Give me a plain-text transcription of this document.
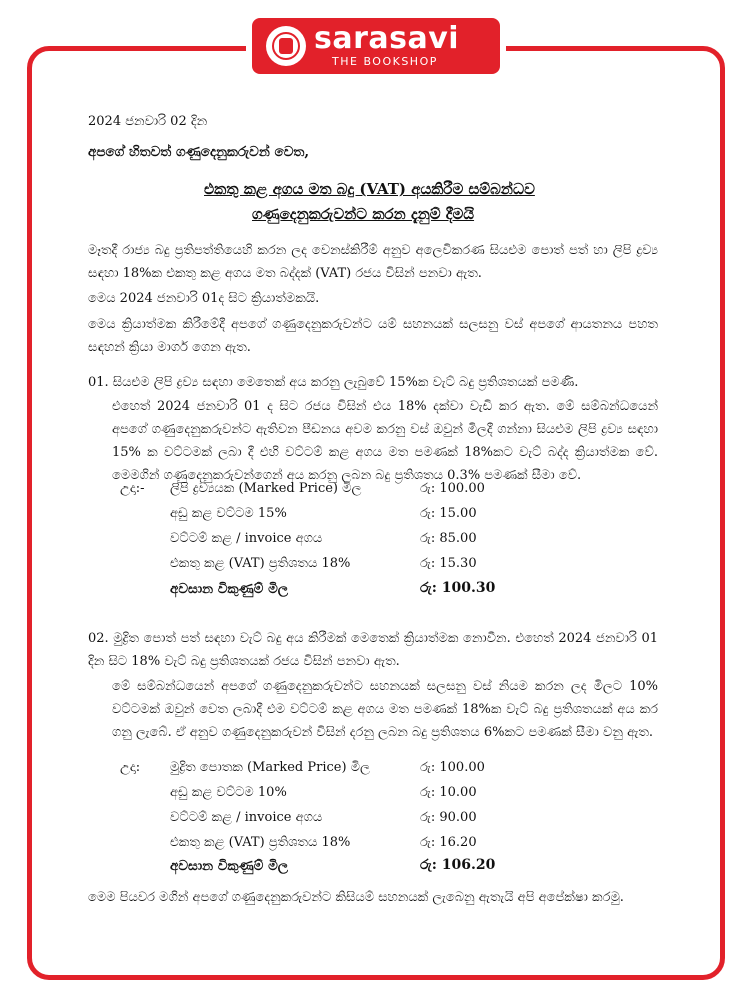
sarasavi
THE BOOKSHOP
2024 ජනවාරි 02 දින
අපගේ හිතවත් ගණුදෙනුකරුවන් වෙත,
එකතු කළ අගය මත බදු (VAT) අයකිරීම සම්බන්ධව
ගණුදෙනුකරුවන්ට කරන දැනුම් දීමයි
මෑතදී රාජ්‍ය බදු ප්‍රතිපත්තියෙහි කරන ලද වෙනස්කිරීම් අනුව අලෙවිකරණ සියළුම පොත් පත් හා ලිපි ද්‍රව්‍ය සඳහා 18%ක එකතු කළ අගය මත බද්දක් (VAT) රජය විසින් පනවා ඇත.
මෙය 2024 ජනවාරි 01ද සිට ක්‍රියාත්මකයි.
මෙය ක්‍රියාත්මක කිරීමේදී අපගේ ගණුදෙනුකරුවන්ට යම් සහනයක් සලසනු වස් අපගේ ආයතනය පහත සඳහන් ක්‍රියා මාර්ග ගෙන ඇත.
01. සියළුම ලිපි ද්‍රව්‍ය සඳහා මෙතෙක් අය කරනු ලැබුවේ 15%ක වැට් බදු ප්‍රතිශතයක් පමණි.
එහෙත් 2024 ජනවාරි 01 ද සිට රජය විසින් එය 18% දක්වා වැඩි කර ඇත. මේ සම්බන්ධයෙන් අපගේ ගණුදෙනුකරුවන්ට ඇතිවන පීඩනය අවම කරනු වස් ඔවුන් මිලදී ගන්නා සියළුම ලිපි ද්‍රව්‍ය සඳහා 15% ක වට්ටමක් ලබා දී එහි වට්ටම් කළ අගය මත පමණක් 18%කට වැට් බද්ද ක්‍රියාත්මක වේ. මෙමගින් ගණුදෙනුකරුවන්ගෙන් අය කරනු ලබන බදු ප්‍රතිශතය 0.3% පමණක් සීමා වේ.
උදා:- ලිපි ද්‍රව්‍යයක (Marked Price) මිල	රු: 100.00
අඩු කළ වට්ටම 15%	රු: 15.00
වට්ටම් කළ / invoice අගය	රු: 85.00
එකතු කළ (VAT) ප්‍රතිශතය 18%	රු: 15.30
අවසාන විකුණුම් මිල	රු: 100.30
02. මුද්‍රිත පොත් පත් සඳහා වැට් බදු අය කිරීමක් මෙතෙක් ක්‍රියාත්මක නොවීන. එහෙත් 2024 ජනවාරි 01 දින සිට 18% වැට් බදු ප්‍රතිශතයක් රජය විසින් පනවා ඇත.
මේ සම්බන්ධයෙන් අපගේ ගණුදෙනුකරුවන්ට සහනයක් සලසනු වස් නියම කරන ලද මිලට 10% වට්ටමක් ඔවුන් වෙත ලබාදී එම වට්ටම් කළ අගය මත පමණක් 18%ක වැට් බදු ප්‍රතිශතයක් අය කර ගනු ලැබේ. ඒ අනුව ගණුදෙනුකරුවන් විසින් දරනු ලබන බදු ප්‍රතිශතය 6%කට පමණක් සීමා වනු ඇත.
උදා: මුද්‍රිත පොතක (Marked Price) මිල	රු: 100.00
අඩු කළ වට්ටම 10%	රු: 10.00
වට්ටම් කළ / invoice අගය	රු: 90.00
එකතු කළ (VAT) ප්‍රතිශතය 18%	රු: 16.20
අවසාන විකුණුම් මිල	රු: 106.20
මෙම පියවර මගින් අපගේ ගණුදෙනුකරුවන්ට කිසියම් සහනයක් ලැබෙනු ඇතැයි අපි අපේක්ෂා කරමු.
